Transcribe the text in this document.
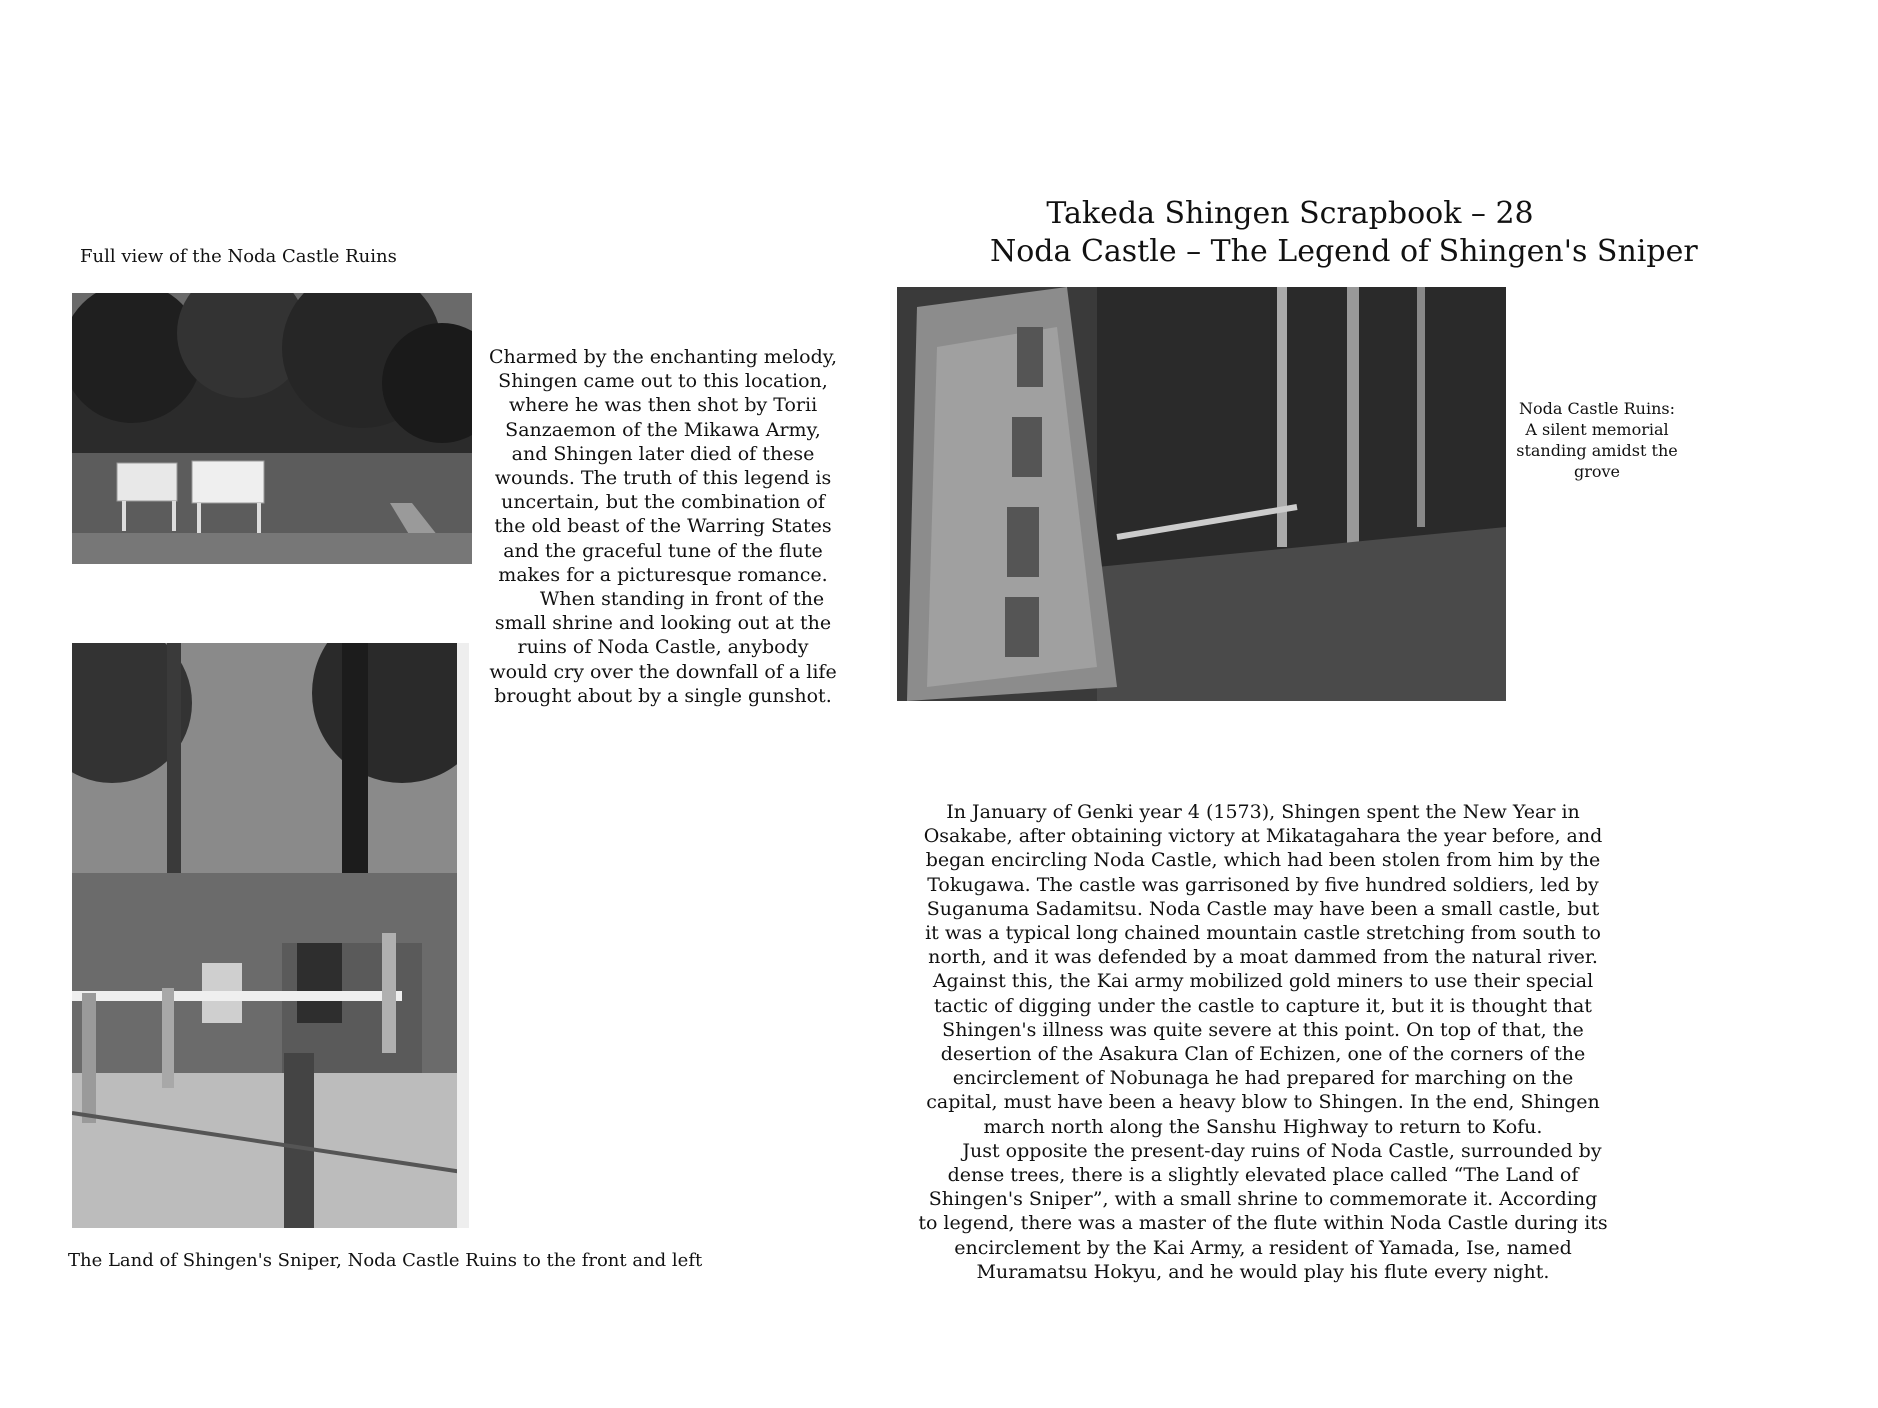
Full view of the Noda Castle Ruins
Charmed by the enchanting melody, Shingen came out to this location, where he was then shot by Torii Sanzaemon of the Mikawa Army, and Shingen later died of these wounds. The truth of this legend is uncertain, but the combination of the old beast of the Warring States and the graceful tune of the flute makes for a picturesque romance.
When standing in front of the small shrine and looking out at the ruins of Noda Castle, anybody would cry over the downfall of a life brought about by a single gunshot.
The Land of Shingen's Sniper, Noda Castle Ruins to the front and left
Takeda Shingen Scrapbook – 28
Noda Castle – The Legend of Shingen's Sniper
Noda Castle Ruins: A silent memorial standing amidst the grove
In January of Genki year 4 (1573), Shingen spent the New Year in Osakabe, after obtaining victory at Mikatagahara the year before, and began encircling Noda Castle, which had been stolen from him by the Tokugawa. The castle was garrisoned by five hundred soldiers, led by Suganuma Sadamitsu. Noda Castle may have been a small castle, but it was a typical long chained mountain castle stretching from south to north, and it was defended by a moat dammed from the natural river. Against this, the Kai army mobilized gold miners to use their special tactic of digging under the castle to capture it, but it is thought that Shingen's illness was quite severe at this point. On top of that, the desertion of the Asakura Clan of Echizen, one of the corners of the encirclement of Nobunaga he had prepared for marching on the capital, must have been a heavy blow to Shingen. In the end, Shingen march north along the Sanshu Highway to return to Kofu.
Just opposite the present-day ruins of Noda Castle, surrounded by dense trees, there is a slightly elevated place called “The Land of Shingen's Sniper”, with a small shrine to commemorate it. According to legend, there was a master of the flute within Noda Castle during its encirclement by the Kai Army, a resident of Yamada, Ise, named Muramatsu Hokyu, and he would play his flute every night.
